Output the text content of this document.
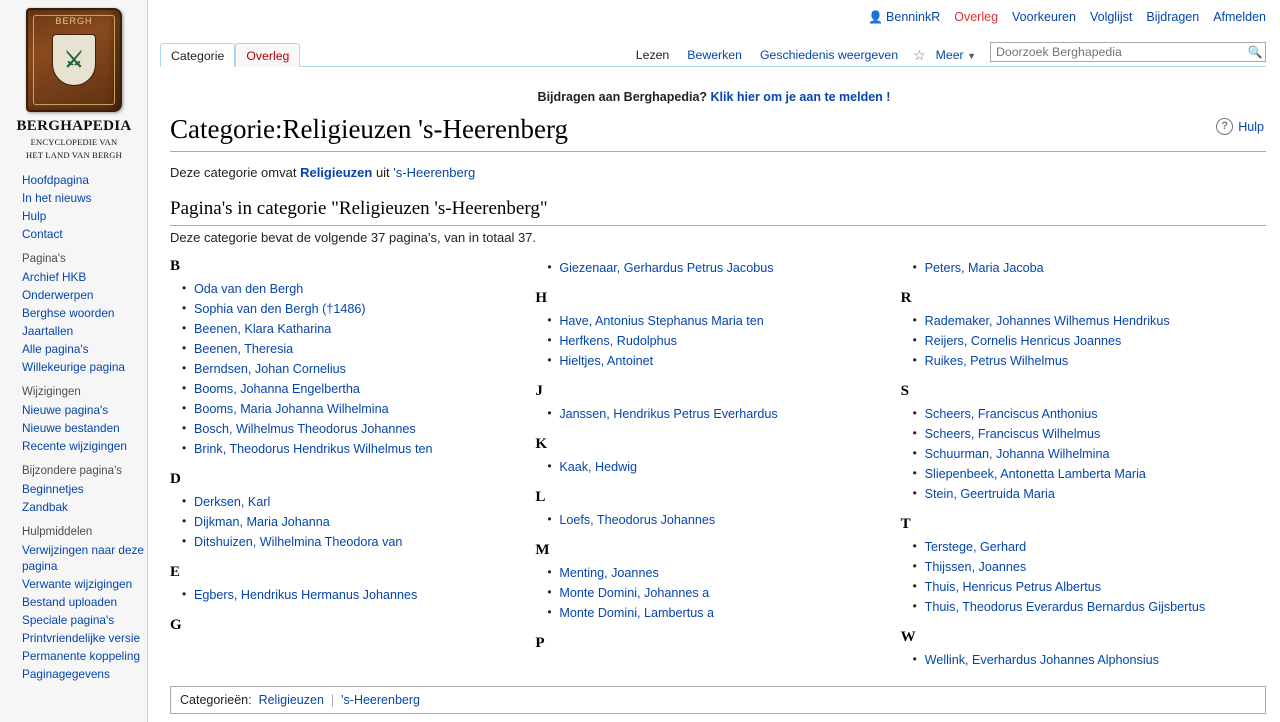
BERGH
⚔
BERGHAPEDIA
ENCYCLOPEDIE VAN
HET LAND VAN BERGH
Hoofdpagina
In het nieuws
Hulp
Contact
Pagina's
Archief HKB
Onderwerpen
Berghse woorden
Jaartallen
Alle pagina's
Willekeurige pagina
Wijzigingen
Nieuwe pagina's
Nieuwe bestanden
Recente wijzigingen
Bijzondere pagina's
Beginnetjes
Zandbak
Hulpmiddelen
Verwijzingen naar deze pagina
Verwante wijzigingen
Bestand uploaden
Speciale pagina's
Printvriendelijke versie
Permanente koppeling
Paginagegevens
👤 BenninkR Overleg Voorkeuren Volglijst Bijdragen Afmelden
Categorie	Overleg	Lezen	Bewerken	Geschiedenis weergeven	☆ Meer ▼
Doorzoek Berghapedia	🔍
Bijdragen aan Berghapedia? Klik hier om je aan te melden !
Categorie:Religieuzen 's-Heerenberg	? Hulp
Deze categorie omvat Religieuzen uit 's-Heerenberg
Pagina's in categorie "Religieuzen 's-Heerenberg"
Deze categorie bevat de volgende 37 pagina's, van in totaal 37.
B
• Oda van den Bergh
• Sophia van den Bergh (†1486)
• Beenen, Klara Katharina
• Beenen, Theresia
• Berndsen, Johan Cornelius
• Booms, Johanna Engelbertha
• Booms, Maria Johanna Wilhelmina
• Bosch, Wilhelmus Theodorus Johannes
• Brink, Theodorus Hendrikus Wilhelmus ten
D
• Derksen, Karl
• Dijkman, Maria Johanna
• Ditshuizen, Wilhelmina Theodora van
E
• Egbers, Hendrikus Hermanus Johannes
G
• Giezenaar, Gerhardus Petrus Jacobus
H
• Have, Antonius Stephanus Maria ten
• Herfkens, Rudolphus
• Hieltjes, Antoinet
J
• Janssen, Hendrikus Petrus Everhardus
K
• Kaak, Hedwig
L
• Loefs, Theodorus Johannes
M
• Menting, Joannes
• Monte Domini, Johannes a
• Monte Domini, Lambertus a
P
• Peters, Maria Jacoba
R
• Rademaker, Johannes Wilhemus Hendrikus
• Reijers, Cornelis Henricus Joannes
• Ruikes, Petrus Wilhelmus
S
• Scheers, Franciscus Anthonius
• Scheers, Franciscus Wilhelmus
• Schuurman, Johanna Wilhelmina
• Sliepenbeek, Antonetta Lamberta Maria
• Stein, Geertruida Maria
T
• Terstege, Gerhard
• Thijssen, Joannes
• Thuis, Henricus Petrus Albertus
• Thuis, Theodorus Everardus Bernardus Gijsbertus
W
• Wellink, Everhardus Johannes Alphonsius
Categorieën: Religieuzen | 's-Heerenberg
